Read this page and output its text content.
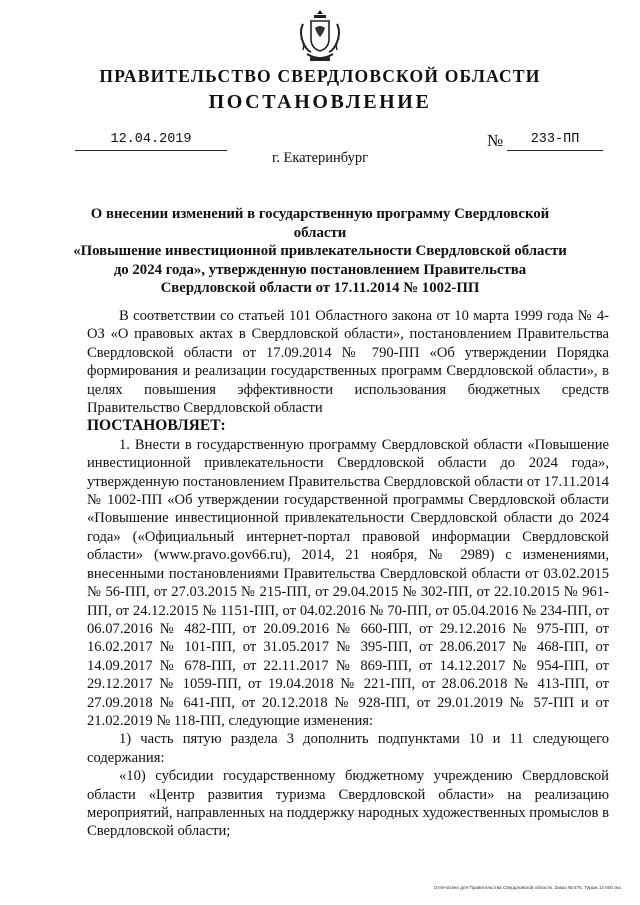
ПРАВИТЕЛЬСТВО СВЕРДЛОВСКОЙ ОБЛАСТИ
ПОСТАНОВЛЕНИЕ
12.04.2019	№	233-ПП
г. Екатеринбург
О внесении изменений в государственную программу Свердловской области
«Повышение инвестиционной привлекательности Свердловской области
до 2024 года», утвержденную постановлением Правительства
Свердловской области от 17.11.2014 № 1002-ПП

В соответствии со статьей 101 Областного закона от 10 марта 1999 года № 4-ОЗ «О правовых актах в Свердловской области», постановлением Правительства Свердловской области от 17.09.2014 № 790-ПП «Об утверждении Порядка формирования и реализации государственных программ Свердловской области», в целях повышения эффективности использования бюджетных средств Правительство Свердловской области

ПОСТАНОВЛЯЕТ:

1. Внести в государственную программу Свердловской области «Повышение инвестиционной привлекательности Свердловской области до 2024 года», утвержденную постановлением Правительства Свердловской области от 17.11.2014 № 1002-ПП «Об утверждении государственной программы Свердловской области «Повышение инвестиционной привлекательности Свердловской области до 2024 года» («Официальный интернет-портал правовой информации Свердловской области» (www.pravo.gov66.ru), 2014, 21 ноября, № 2989) с изменениями, внесенными постановлениями Правительства Свердловской области от 03.02.2015 № 56-ПП, от 27.03.2015 № 215-ПП, от 29.04.2015 № 302-ПП, от 22.10.2015 № 961-ПП, от 24.12.2015 № 1151-ПП, от 04.02.2016 № 70-ПП, от 05.04.2016 № 234-ПП, от 06.07.2016 № 482-ПП, от 20.09.2016 № 660-ПП, от 29.12.2016 № 975-ПП, от 16.02.2017 № 101-ПП, от 31.05.2017 № 395-ПП, от 28.06.2017 № 468-ПП, от 14.09.2017 № 678-ПП, от 22.11.2017 № 869-ПП, от 14.12.2017 № 954-ПП, от 29.12.2017 № 1059-ПП, от 19.04.2018 № 221-ПП, от 28.06.2018 № 413-ПП, от 27.09.2018 № 641-ПП, от 20.12.2018 № 928-ПП, от 29.01.2019 № 57-ПП и от 21.02.2019 № 118-ПП, следующие изменения:

1) часть пятую раздела 3 дополнить подпунктами 10 и 11 следующего содержания:

«10) субсидии государственному бюджетному учреждению Свердловской области «Центр развития туризма Свердловской области» на реализацию мероприятий, направленных на поддержку народных художественных промыслов в Свердловской области;

Отпечатано для Правительства Свердловской области. Заказ № 575. Тираж 14 000 экз.
